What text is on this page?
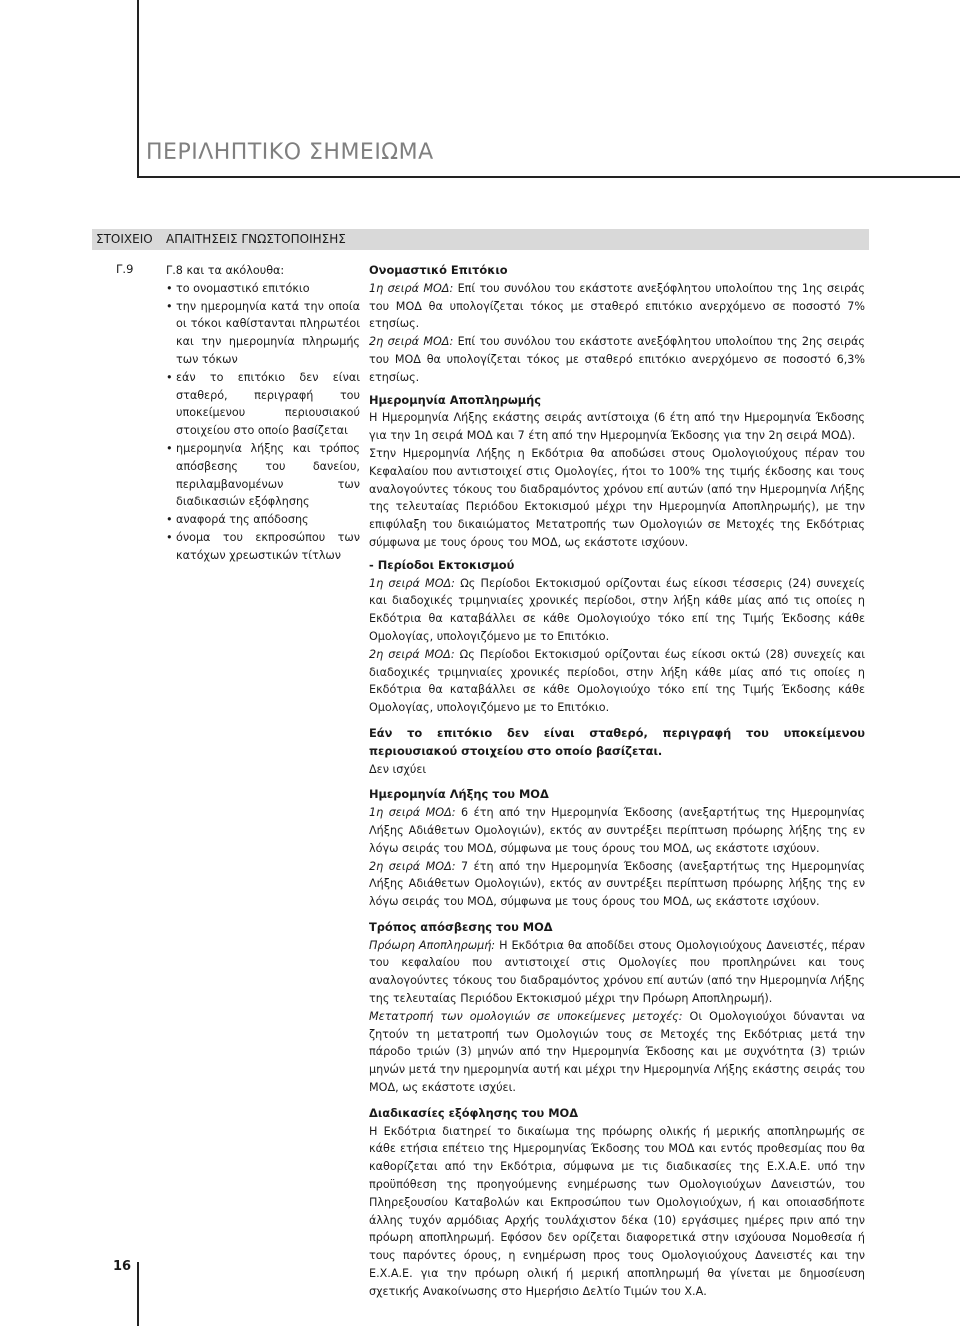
ΠΕΡΙΛΗΠΤΙΚΟ ΣΗΜΕΙΩΜΑ
ΣΤΟΙΧΕΙΟ ΑΠΑΙΤΗΣΕΙΣ ΓΝΩΣΤΟΠΟΙΗΣΗΣ
Γ.9	Γ.8 και τα ακόλουθα:
• το ονομαστικό επιτόκιο
• την ημερομηνία κατά την οποία οι τόκοι καθίστανται πληρωτέοι και την ημερομηνία πληρωμής των τόκων
• εάν το επιτόκιο δεν είναι σταθερό, περιγραφή του υποκείμενου περιουσιακού στοιχείου στο οποίο βασίζεται
• ημερομηνία λήξης και τρόπος απόσβεσης του δανείου, περιλαμβανομένων των διαδικασιών εξόφλησης
• αναφορά της απόδοσης
• όνομα του εκπροσώπου των κατόχων χρεωστικών τίτλων
Ονομαστικό Επιτόκιο

1η σειρά ΜΟΔ: Επί του συνόλου του εκάστοτε ανεξόφλητου υπολοίπου της 1ης σειράς του ΜΟΔ θα υπολογίζεται τόκος με σταθερό επιτόκιο ανερχόμενο σε ποσοστό 7% ετησίως.

2η σειρά ΜΟΔ: Επί του συνόλου του εκάστοτε ανεξόφλητου υπολοίπου της 2ης σειράς του ΜΟΔ θα υπολογίζεται τόκος με σταθερό επιτόκιο ανερχόμενο σε ποσοστό 6,3% ετησίως.

Ημερομηνία Αποπληρωμής

Η Ημερομηνία Λήξης εκάστης σειράς αντίστοιχα (6 έτη από την Ημερομηνία Έκδοσης για την 1η σειρά ΜΟΔ και 7 έτη από την Ημερομηνία Έκδοσης για την 2η σειρά ΜΟΔ).

Στην Ημερομηνία Λήξης η Εκδότρια θα αποδώσει στους Ομολογιούχους πέραν του Κεφαλαίου που αντιστοιχεί στις Ομολογίες, ήτοι το 100% της τιμής έκδοσης και τους αναλογούντες τόκους του διαδραμόντος χρόνου επί αυτών (από την Ημερομηνία Λήξης της τελευταίας Περιόδου Εκτοκισμού μέχρι την Ημερομηνία Αποπληρωμής), με την επιφύλαξη του δικαιώματος Μετατροπής των Ομολογιών σε Μετοχές της Εκδότριας σύμφωνα με τους όρους του ΜΟΔ, ως εκάστοτε ισχύουν.

- Περίοδοι Εκτοκισμού

1η σειρά ΜΟΔ: Ως Περίοδοι Εκτοκισμού ορίζονται έως είκοσι τέσσερις (24) συνεχείς και διαδοχικές τριμηνιαίες χρονικές περίοδοι, στην λήξη κάθε μίας από τις οποίες η Εκδότρια θα καταβάλλει σε κάθε Ομολογιούχο τόκο επί της Τιμής Έκδοσης κάθε Ομολογίας, υπολογιζόμενο με το Επιτόκιο.

2η σειρά ΜΟΔ: Ως Περίοδοι Εκτοκισμού ορίζονται έως είκοσι οκτώ (28) συνεχείς και διαδοχικές τριμηνιαίες χρονικές περίοδοι, στην λήξη κάθε μίας από τις οποίες η Εκδότρια θα καταβάλλει σε κάθε Ομολογιούχο τόκο επί της Τιμής Έκδοσης κάθε Ομολογίας, υπολογιζόμενο με το Επιτόκιο.

Εάν το επιτόκιο δεν είναι σταθερό, περιγραφή του υποκείμενου περιουσιακού στοιχείου στο οποίο βασίζεται.

Δεν ισχύει

Ημερομηνία Λήξης του ΜΟΔ

1η σειρά ΜΟΔ: 6 έτη από την Ημερομηνία Έκδοσης (ανεξαρτήτως της Ημερομηνίας Λήξης Αδιάθετων Ομολογιών), εκτός αν συντρέξει περίπτωση πρόωρης λήξης της εν λόγω σειράς του ΜΟΔ, σύμφωνα με τους όρους του ΜΟΔ, ως εκάστοτε ισχύουν.

2η σειρά ΜΟΔ: 7 έτη από την Ημερομηνία Έκδοσης (ανεξαρτήτως της Ημερομηνίας Λήξης Αδιάθετων Ομολογιών), εκτός αν συντρέξει περίπτωση πρόωρης λήξης της εν λόγω σειράς του ΜΟΔ, σύμφωνα με τους όρους του ΜΟΔ, ως εκάστοτε ισχύουν.

Τρόπος απόσβεσης του ΜΟΔ

Πρόωρη Αποπληρωμή: Η Εκδότρια θα αποδίδει στους Ομολογιούχους Δανειστές, πέραν του κεφαλαίου που αντιστοιχεί στις Ομολογίες που προπληρώνει και τους αναλογούντες τόκους του διαδραμόντος χρόνου επί αυτών (από την Ημερομηνία Λήξης της τελευταίας Περιόδου Εκτοκισμού μέχρι την Πρόωρη Αποπληρωμή).

Μετατροπή των ομολογιών σε υποκείμενες μετοχές: Οι Ομολογιούχοι δύνανται να ζητούν τη μετατροπή των Ομολογιών τους σε Μετοχές της Εκδότριας μετά την πάροδο τριών (3) μηνών από την Ημερομηνία Έκδοσης και με συχνότητα (3) τριών μηνών μετά την ημερομηνία αυτή και μέχρι την Ημερομηνία Λήξης εκάστης σειράς του ΜΟΔ, ως εκάστοτε ισχύει.

Διαδικασίες εξόφλησης του ΜΟΔ

Η Εκδότρια διατηρεί το δικαίωμα της πρόωρης ολικής ή μερικής αποπληρωμής σε κάθε ετήσια επέτειο της Ημερομηνίας Έκδοσης του ΜΟΔ και εντός προθεσμίας που θα καθορίζεται από την Εκδότρια, σύμφωνα με τις διαδικασίες της Ε.Χ.Α.Ε. υπό την προϋπόθεση της προηγούμενης ενημέρωσης των Ομολογιούχων Δανειστών, του Πληρεξουσίου Καταβολών και Εκπροσώπου των Ομολογιούχων, ή και οποιασδήποτε άλλης τυχόν αρμόδιας Αρχής τουλάχιστον δέκα (10) εργάσιμες ημέρες πριν από την πρόωρη αποπληρωμή. Εφόσον δεν ορίζεται διαφορετικά στην ισχύουσα Νομοθεσία ή τους παρόντες όρους, η ενημέρωση προς τους Ομολογιούχους Δανειστές και την Ε.Χ.Α.Ε. για την πρόωρη ολική ή μερική αποπληρωμή θα γίνεται με δημοσίευση σχετικής Ανακοίνωσης στο Ημερήσιο Δελτίο Τιμών του Χ.Α.

16
